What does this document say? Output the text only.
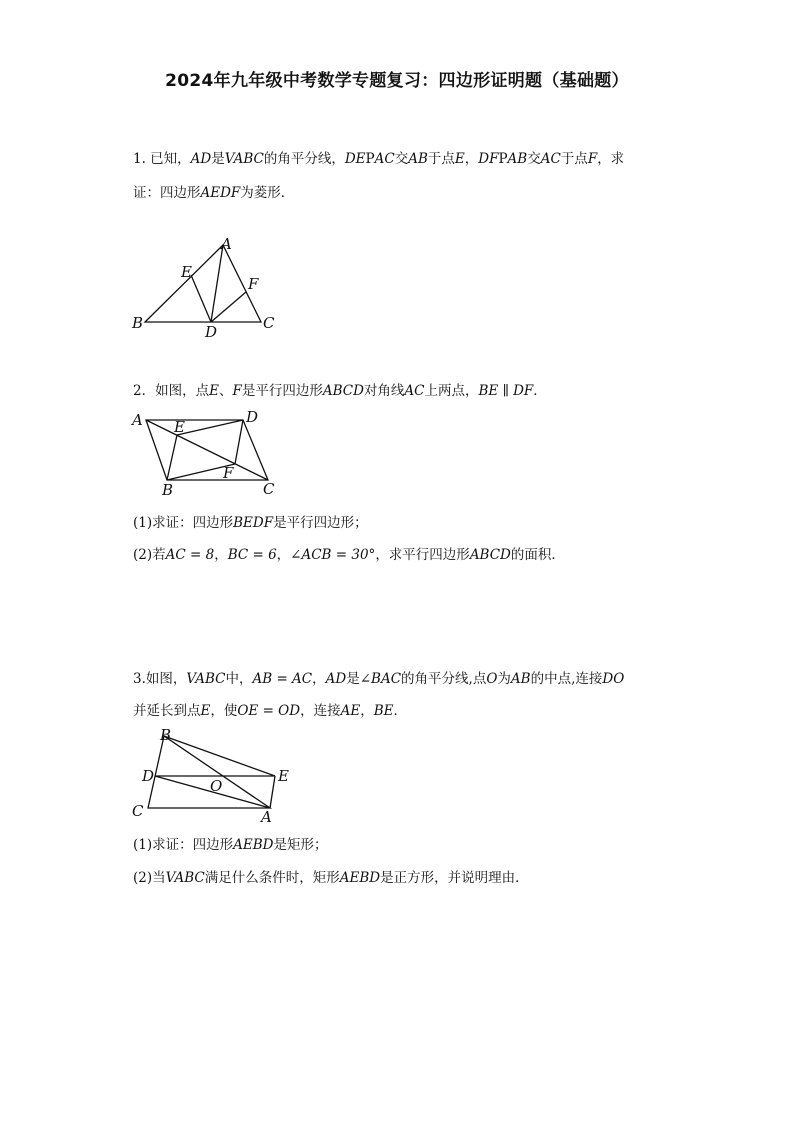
2024年九年级中考数学专题复习：四边形证明题（基础题）
1. 已知，AD是VABC的角平分线，DEPAC交AB于点E，DFPAB交AC于点F，求
证：四边形AEDF为菱形．
A
E
F
B	D	C
2．如图，点E、F是平行四边形ABCD对角线AC上两点，BE ∥ DF．
A E
D
F
B	C
(1)求证：四边形BEDF是平行四边形；
(2)若AC = 8，BC = 6，∠ACB = 30°，求平行四边形ABCD的面积．
3.如图，VABC中，AB = AC，AD是∠BAC的角平分线,点O为AB的中点,连接DO
并延长到点E，使OE = OD，连接AE，BE．
B
D	E
O
C	A
(1)求证：四边形AEBD是矩形；
(2)当VABC满足什么条件时，矩形AEBD是正方形，并说明理由．
